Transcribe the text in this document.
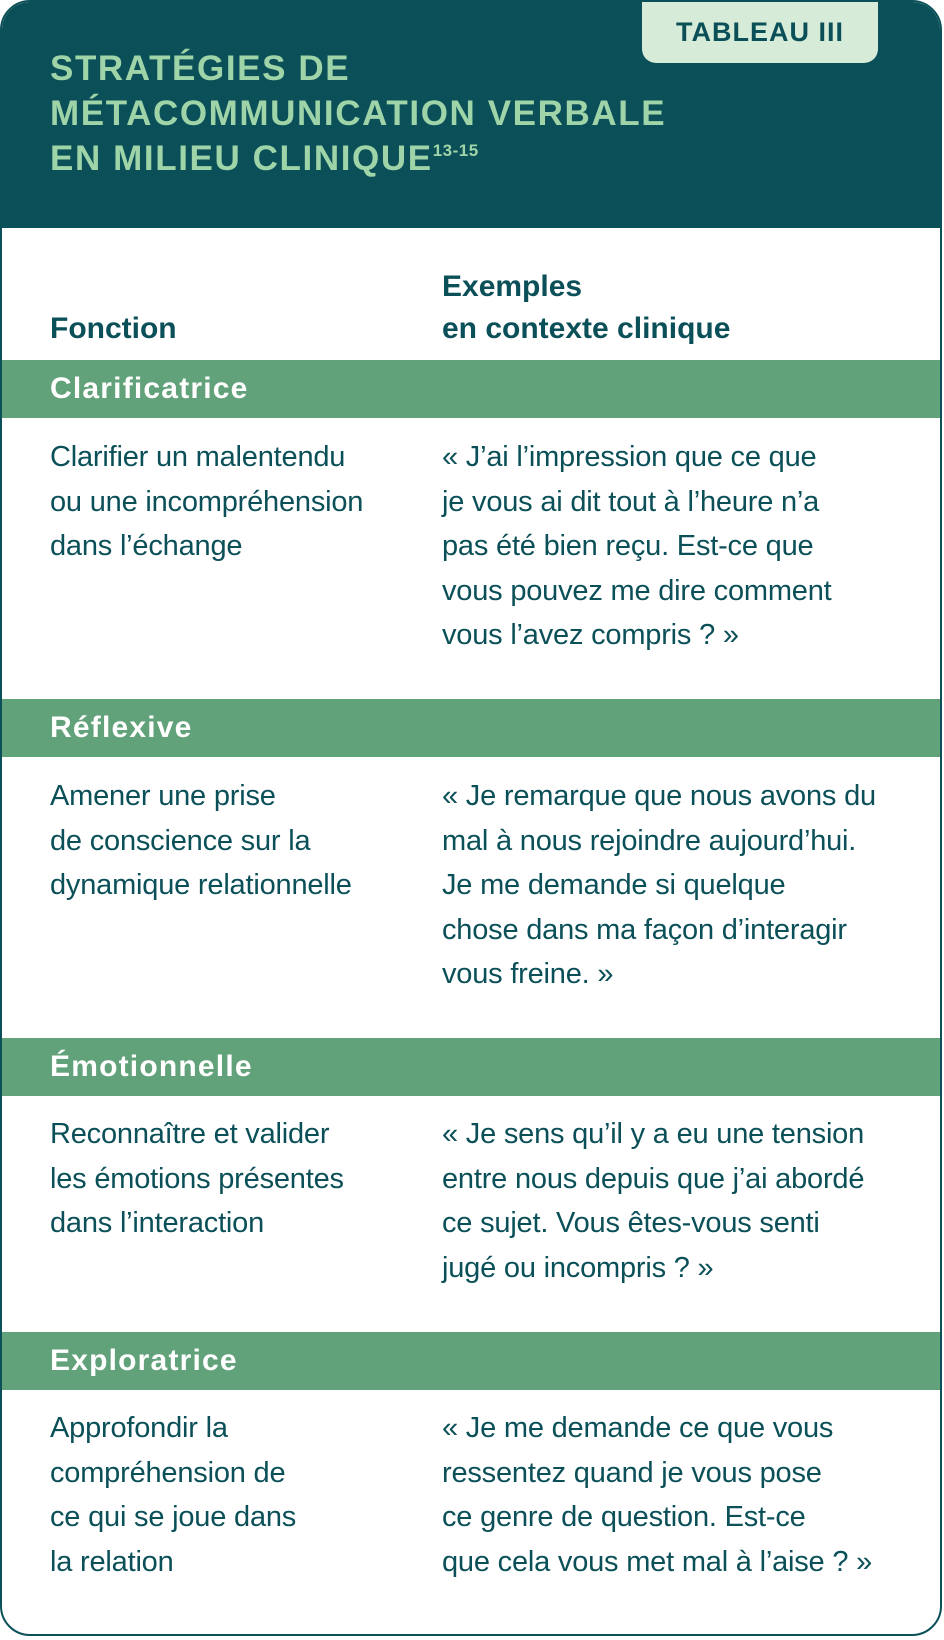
TABLEAU III
STRATÉGIES DE
MÉTACOMMUNICATION VERBALE
EN MILIEU CLINIQUE$^{13-15}$
Fonction
Exemples
en contexte clinique
Clarificatrice
Clarifier un malentendu
ou une incompréhension
dans l’échange
« J’ai l’impression que ce que
je vous ai dit tout à l’heure n’a
pas été bien reçu. Est-ce que
vous pouvez me dire comment
vous l’avez compris ? »
Réflexive
Amener une prise
de conscience sur la
dynamique relationnelle
« Je remarque que nous avons du
mal à nous rejoindre aujourd’hui.
Je me demande si quelque
chose dans ma façon d’interagir
vous freine. »
Émotionnelle
Reconnaître et valider
les émotions présentes
dans l’interaction
« Je sens qu’il y a eu une tension
entre nous depuis que j’ai abordé
ce sujet. Vous êtes-vous senti
jugé ou incompris ? »
Exploratrice
Approfondir la
compréhension de
ce qui se joue dans
la relation
« Je me demande ce que vous
ressentez quand je vous pose
ce genre de question. Est-ce
que cela vous met mal à l’aise ? »
